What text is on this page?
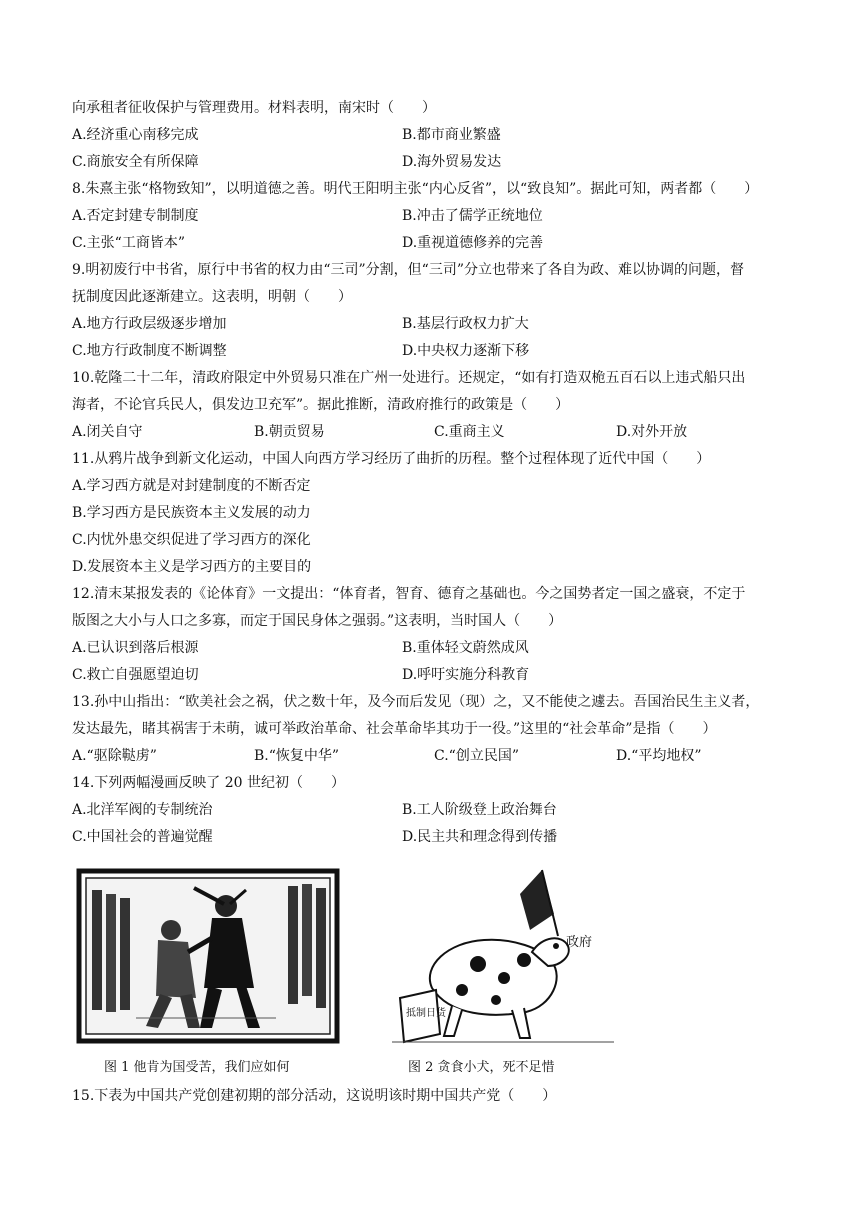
向承租者征收保护与管理费用。材料表明，南宋时（　　）
A.经济重心南移完成	B.都市商业繁盛
C.商旅安全有所保障	D.海外贸易发达
8.朱熹主张“格物致知”，以明道德之善。明代王阳明主张“内心反省”，以“致良知”。据此可知，两者都（　　）
A.否定封建专制制度	B.冲击了儒学正统地位
C.主张“工商皆本”	D.重视道德修养的完善
9.明初废行中书省，原行中书省的权力由“三司”分割，但“三司”分立也带来了各自为政、难以协调的问题，督
抚制度因此逐渐建立。这表明，明朝（　　）
A.地方行政层级逐步增加	B.基层行政权力扩大
C.地方行政制度不断调整	D.中央权力逐渐下移
10.乾隆二十二年，清政府限定中外贸易只准在广州一处进行。还规定，“如有打造双桅五百石以上违式船只出
海者，不论官兵民人，俱发边卫充军”。据此推断，清政府推行的政策是（　　）
A.闭关自守	B.朝贡贸易	C.重商主义	D.对外开放
11.从鸦片战争到新文化运动，中国人向西方学习经历了曲折的历程。整个过程体现了近代中国（　　）
A.学习西方就是对封建制度的不断否定
B.学习西方是民族资本主义发展的动力
C.内忧外患交织促进了学习西方的深化
D.发展资本主义是学习西方的主要目的
12.清末某报发表的《论体育》一文提出：“体育者，智育、德育之基础也。今之国势者定一国之盛衰，不定于
版图之大小与人口之多寡，而定于国民身体之强弱。”这表明，当时国人（　　）
A.已认识到落后根源	B.重体轻文蔚然成风
C.救亡自强愿望迫切	D.呼吁实施分科教育
13.孙中山指出：“欧美社会之祸，伏之数十年，及今而后发见（现）之，又不能使之遽去。吾国治民生主义者，
发达最先，睹其祸害于未萌，诚可举政治革命、社会革命毕其功于一役。”这里的“社会革命”是指（　　）
A.“驱除鞑虏”	B.“恢复中华”	C.“创立民国”	D.“平均地权”
14.下列两幅漫画反映了 20 世纪初（　　）
A.北洋军阀的专制统治	B.工人阶级登上政治舞台
C.中国社会的普遍觉醒	D.民主共和理念得到传播
图 1 他肯为国受苦，我们应如何
政府
抵制日货
图 2 贪食小犬，死不足惜
15.下表为中国共产党创建初期的部分活动，这说明该时期中国共产党（　　）
